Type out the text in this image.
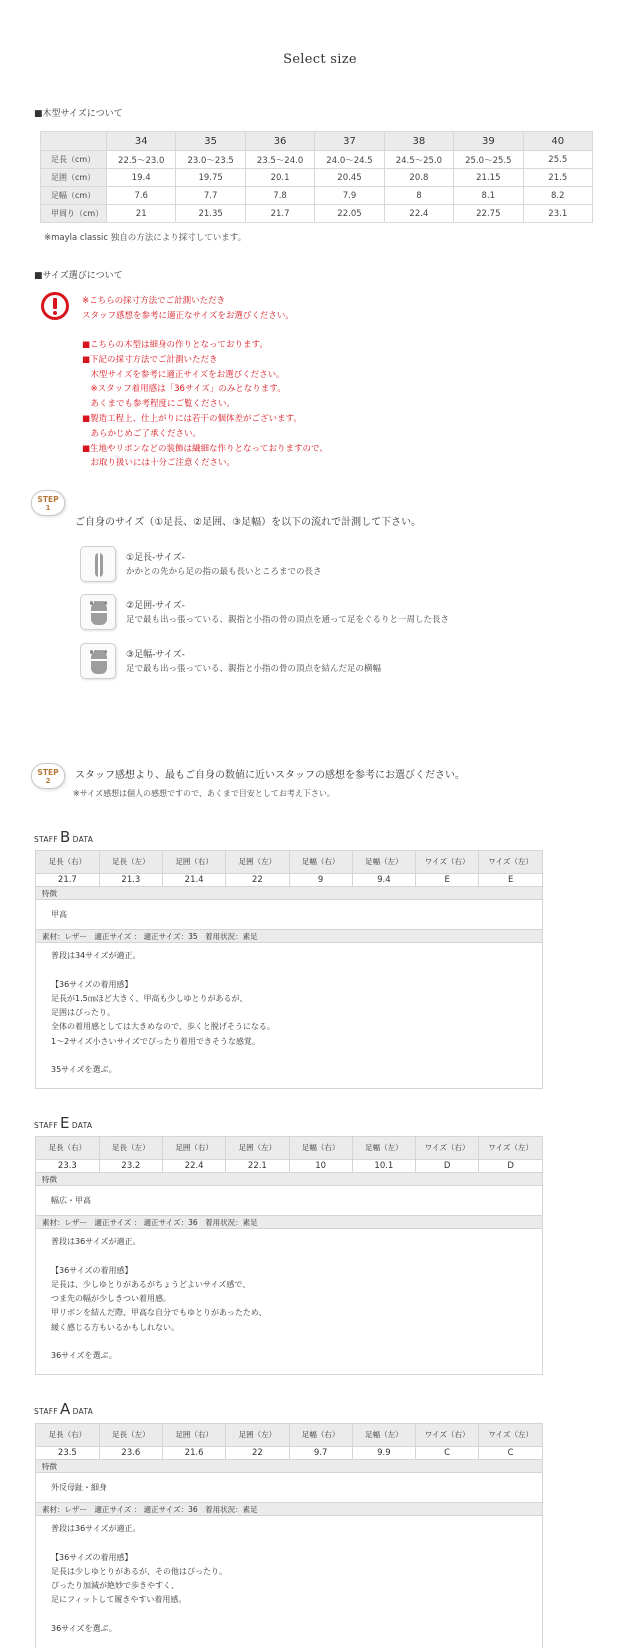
Select size
■木型サイズについて
	34	35	36	37	38	39	40
足長（cm）	22.5〜23.0	23.0〜23.5	23.5〜24.0	24.0〜24.5	24.5〜25.0	25.0〜25.5	25.5
足囲（cm）	19.4	19.75	20.1	20.45	20.8	21.15	21.5
足幅（cm）	7.6	7.7	7.8	7.9	8	8.1	8.2
甲周り（cm）	21	21.35	21.7	22.05	22.4	22.75	23.1
※mayla classic 独自の方法により採寸しています。
■サイズ選びについて
※こちらの採寸方法でご計測いただき
スタッフ感想を参考に適正なサイズをお選びください。
■こちらの木型は細身の作りとなっております。
■下記の採寸方法でご計測いただき
　木型サイズを参考に適正サイズをお選びください。
　※スタッフ着用感は「36サイズ」のみとなります。
　あくまでも参考程度にご覧ください。
■製造工程上、仕上がりには若干の個体差がございます。
　あらかじめご了承ください。
■生地やリボンなどの装飾は繊細な作りとなっておりますので、
　お取り扱いには十分ご注意ください。
STEP
1
ご自身のサイズ（①足長、②足囲、③足幅）を以下の流れで計測して下さい。
①足長-サイズ-
かかとの先から足の指の最も長いところまでの長さ
②足囲-サイズ-
足で最も出っ張っている、親指と小指の骨の頂点を通って足をぐるりと一周した長さ
③足幅-サイズ-
足で最も出っ張っている、親指と小指の骨の頂点を結んだ足の横幅
STEP
2	スタッフ感想より、最もご自身の数値に近いスタッフの感想を参考にお選びください。
※サイズ感想は個人の感想ですので、あくまで目安としてお考え下さい。
STAFF B DATA
足長（右）	足長（左）	足囲（右）	足囲（左）	足幅（右）	足幅（左）	ワイズ（右）	ワイズ（左）
21.7	21.3	21.4	22	9	9.4	E	E
特徴
甲高
素材：レザー　適正サイズ ： 適正サイズ：35　着用状況：素足
普段は34サイズが適正。
【36サイズの着用感】
足長が1.5㎝ほど大きく、甲高も少しゆとりがあるが、
足囲はぴったり。
全体の着用感としては大きめなので、歩くと脱げそうになる。
1〜2サイズ小さいサイズでぴったり着用できそうな感覚。
35サイズを選ぶ。
STAFF E DATA
足長（右）	足長（左）	足囲（右）	足囲（左）	足幅（右）	足幅（左）	ワイズ（右）	ワイズ（左）
23.3	23.2	22.4	22.1	10	10.1	D	D
特徴
幅広・甲高
素材：レザー　適正サイズ ： 適正サイズ：36　着用状況：素足
普段は36サイズが適正。
【36サイズの着用感】
足長は、少しゆとりがあるがちょうどよいサイズ感で、
つま先の幅が少しきつい着用感。
甲リボンを結んだ際、甲高な自分でもゆとりがあったため、
緩く感じる方もいるかもしれない。
36サイズを選ぶ。
STAFF A DATA
足長（右）	足長（左）	足囲（右）	足囲（左）	足幅（右）	足幅（左）	ワイズ（右）	ワイズ（左）
23.5	23.6	21.6	22	9.7	9.9	C	C
特徴
外反母趾・細身
素材：レザー　適正サイズ ： 適正サイズ：36　着用状況：素足
普段は36サイズが適正。
【36サイズの着用感】
足長は少しゆとりがあるが、その他はぴったり。
ぴったり加減が絶妙で歩きやすく、
足にフィットして履きやすい着用感。
36サイズを選ぶ。
